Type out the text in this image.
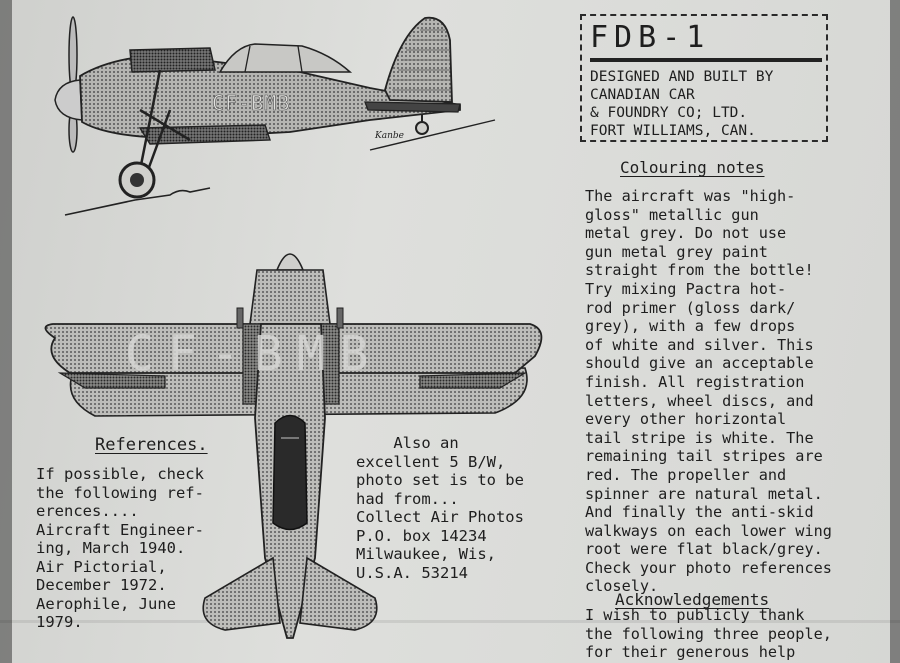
CF-BMB
Kanbe
CF-BMB
FDB-1
DESIGNED AND BUILT BY
CANADIAN CAR
& FOUNDRY CO; LTD.
FORT WILLIAMS, CAN.
Colouring notes
The aircraft was "high-
gloss" metallic gun
metal grey. Do not use
gun metal grey paint
straight from the bottle!
Try mixing Pactra hot-
rod primer (gloss dark/
grey), with a few drops
of white and silver. This
should give an acceptable
finish. All registration
letters, wheel discs, and
every other horizontal
tail stripe is white. The
remaining tail stripes are
red. The propeller and
spinner are natural metal.
And finally the anti-skid
walkways on each lower wing
root were flat black/grey.
Check your photo references
closely.
References.
If possible, check
the following ref-
erences....
Aircraft Engineer-
ing, March 1940.
Air Pictorial,
December 1972.
Aerophile, June
1979.
Also an
excellent 5 B/W,
photo set is to be
had from...
Collect Air Photos
P.O. box 14234
Milwaukee, Wis,
U.S.A. 53214
Acknowledgements
I wish to publicly thank
the following three people,
for their generous help
